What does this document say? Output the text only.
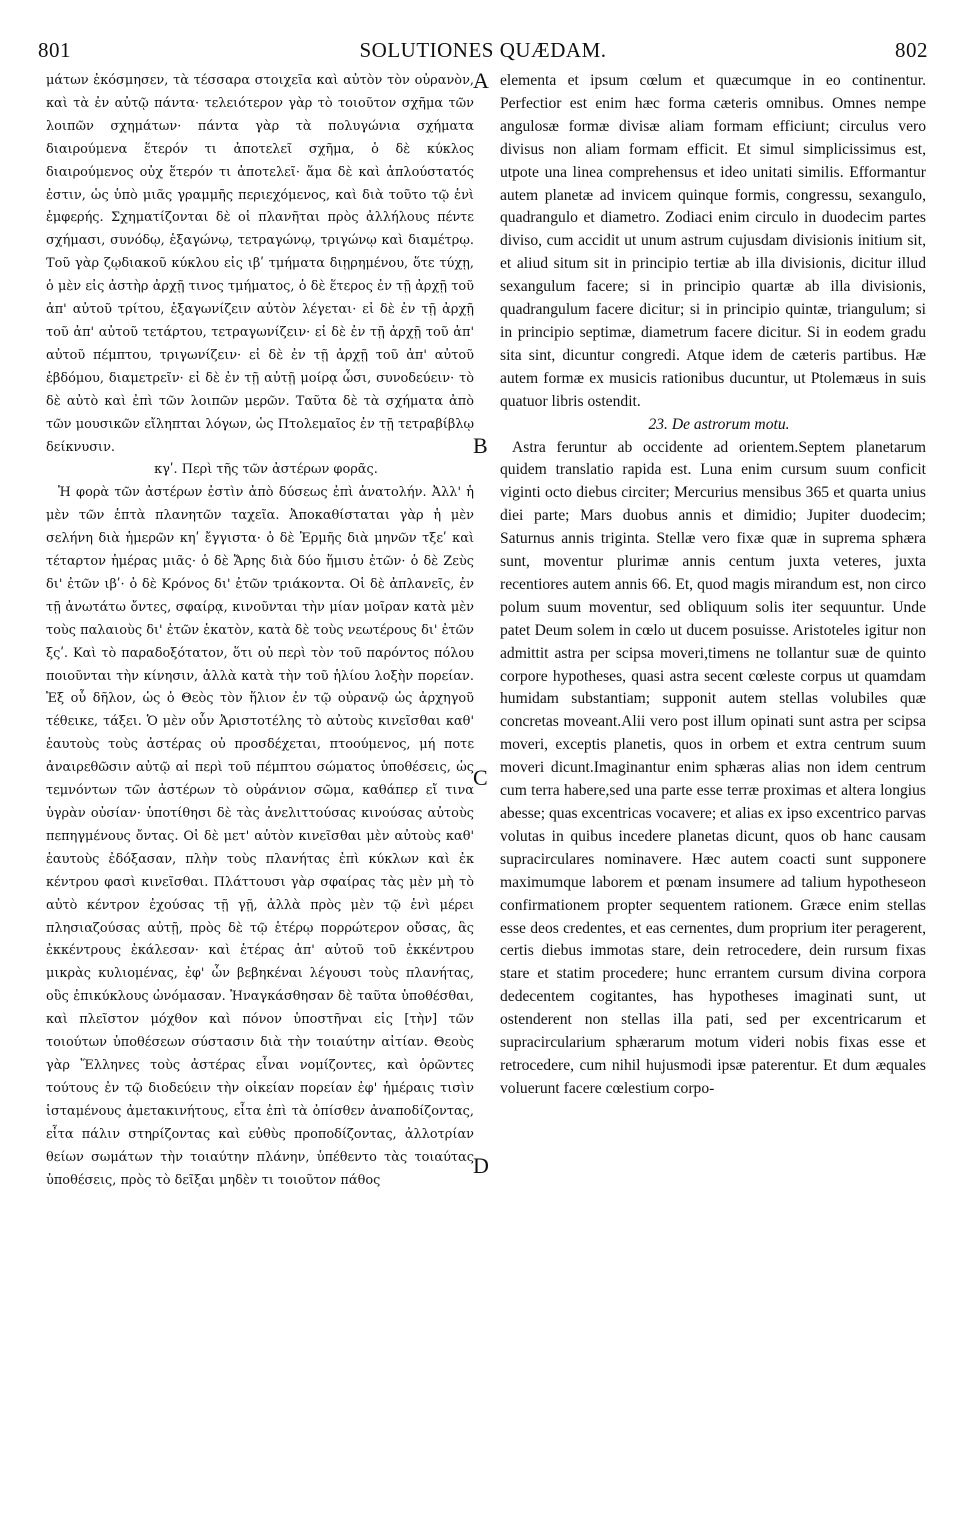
801	SOLUTIONES QUÆDAM.	802

μάτων ἐκόσμησεν, τὰ τέσσαρα στοιχεῖα καὶ αὐτὸν τὸν οὐρανὸν, καὶ τὰ ἐν αὐτῷ πάντα· τελειότερον γὰρ τὸ τοιοῦτον σχῆμα τῶν λοιπῶν σχημάτων· πάντα γὰρ τὰ πολυγώνια σχήματα διαιρούμενα ἕτερόν τι ἀποτελεῖ σχῆμα, ὁ δὲ κύκλος διαιρούμενος οὐχ ἕτερόν τι ἀποτελεῖ· ἅμα δὲ καὶ ἁπλούστατός ἐστιν, ὡς ὑπὸ μιᾶς γραμμῆς περιεχόμενος, καὶ διὰ τοῦτο τῷ ἑνὶ ἐμφερής. Σχηματίζονται δὲ οἱ πλανῆται πρὸς ἀλλήλους πέντε σχήμασι, συνόδῳ, ἑξαγώνῳ, τετραγώνῳ, τριγώνῳ καὶ διαμέτρῳ. Τοῦ γὰρ ζῳδιακοῦ κύκλου εἰς ιβʹ τμήματα διῃρημένου, ὅτε τύχῃ, ὁ μὲν εἰς ἀστὴρ ἀρχῇ τινος τμήματος, ὁ δὲ ἕτερος ἐν τῇ ἀρχῇ τοῦ ἀπ' αὐτοῦ τρίτου, ἑξαγωνίζειν αὐτὸν λέγεται· εἰ δὲ ἐν τῇ ἀρχῇ τοῦ ἀπ' αὐτοῦ τετάρτου, τετραγωνίζειν· εἰ δὲ ἐν τῇ ἀρχῇ τοῦ ἀπ' αὐτοῦ πέμπτου, τριγωνίζειν· εἰ δὲ ἐν τῇ ἀρχῇ τοῦ ἀπ' αὐτοῦ ἑβδόμου, διαμετρεῖν· εἰ δὲ ἐν τῇ αὐτῇ μοίρᾳ ὦσι, συνοδεύειν· τὸ δὲ αὐτὸ καὶ ἐπὶ τῶν λοιπῶν μερῶν. Ταῦτα δὲ τὰ σχήματα ἀπὸ τῶν μουσικῶν εἴληπται λόγων, ὡς Πτολεμαῖος ἐν τῇ τετραβίβλῳ δείκνυσιν.

κγʹ. Περὶ τῆς τῶν ἀστέρων φορᾶς.

Ἡ φορὰ τῶν ἀστέρων ἐστὶν ἀπὸ δύσεως ἐπὶ ἀνατολήν. Ἀλλ' ἡ μὲν τῶν ἑπτὰ πλανητῶν ταχεῖα. Ἀποκαθίσταται γὰρ ἡ μὲν σελήνη διὰ ἡμερῶν κηʹ ἔγγιστα· ὁ δὲ Ἑρμῆς διὰ μηνῶν τξεʹ καὶ τέταρτον ἡμέρας μιᾶς· ὁ δὲ Ἄρης διὰ δύο ἥμισυ ἐτῶν· ὁ δὲ Ζεὺς δι' ἐτῶν ιβʹ· ὁ δὲ Κρόνος δι' ἐτῶν τριάκοντα. Οἱ δὲ ἀπλανεῖς, ἐν τῇ ἀνωτάτω ὄντες, σφαίρᾳ, κινοῦνται τὴν μίαν μοῖραν κατὰ μὲν τοὺς παλαιοὺς δι' ἐτῶν ἑκατὸν, κατὰ δὲ τοὺς νεωτέρους δι' ἐτῶν ξςʹ. Καὶ τὸ παραδοξότατον, ὅτι οὐ περὶ τὸν τοῦ παρόντος πόλου ποιοῦνται τὴν κίνησιν, ἀλλὰ κατὰ τὴν τοῦ ἡλίου λοξὴν πορείαν. Ἐξ οὗ δῆλον, ὡς ὁ Θεὸς τὸν ἥλιον ἐν τῷ οὐρανῷ ὡς ἀρχηγοῦ τέθεικε, τάξει. Ὁ μὲν οὖν Ἀριστοτέλης τὸ αὐτοὺς κινεῖσθαι καθ' ἑαυτοὺς τοὺς ἀστέρας οὐ προσδέχεται, πτοούμενος, μή ποτε ἀναιρεθῶσιν αὐτῷ αἱ περὶ τοῦ πέμπτου σώματος ὑποθέσεις, ὡς τεμνόντων τῶν ἀστέρων τὸ οὐράνιον σῶμα, καθάπερ εἴ τινα ὑγρὰν οὐσίαν· ὑποτίθησι δὲ τὰς ἀνελιττούσας κινούσας αὐτοὺς πεπηγμένους ὄντας. Οἱ δὲ μετ' αὐτὸν κινεῖσθαι μὲν αὐτοὺς καθ' ἑαυτοὺς ἐδόξασαν, πλὴν τοὺς πλανήτας ἐπὶ κύκλων καὶ ἐκ κέντρου φασὶ κινεῖσθαι. Πλάττουσι γὰρ σφαίρας τὰς μὲν μὴ τὸ αὐτὸ κέντρον ἐχούσας τῇ γῇ, ἀλλὰ πρὸς μὲν τῷ ἑνὶ μέρει πλησιαζούσας αὐτῇ, πρὸς δὲ τῷ ἑτέρῳ πορρώτερον οὔσας, ἃς ἐκκέντρους ἐκάλεσαν· καὶ ἑτέρας ἀπ' αὐτοῦ τοῦ ἐκκέντρου μικρὰς κυλιομένας, ἐφ' ὧν βεβηκέναι λέγουσι τοὺς πλανήτας, οὓς ἐπικύκλους ὠνόμασαν. Ἠναγκάσθησαν δὲ ταῦτα ὑποθέσθαι, καὶ πλεῖστον μόχθον καὶ πόνον ὑποστῆναι εἰς [τὴν] τῶν τοιούτων ὑποθέσεων σύστασιν διὰ τὴν τοιαύτην αἰτίαν. Θεοὺς γὰρ Ἕλληνες τοὺς ἀστέρας εἶναι νομίζοντες, καὶ ὁρῶντες τούτους ἐν τῷ διοδεύειν τὴν οἰκείαν πορείαν ἐφ' ἡμέραις τισὶν ἱσταμένους ἀμετακινήτους, εἶτα ἐπὶ τὰ ὀπίσθεν ἀναποδίζοντας, εἶτα πάλιν στηρίζοντας καὶ εὐθὺς προποδίζοντας, ἀλλοτρίαν θείων σωμάτων τὴν τοιαύτην πλάνην, ὑπέθεντο τὰς τοιαύτας ὑποθέσεις, πρὸς τὸ δεῖξαι μηδὲν τι τοιοῦτον πάθος

elementa et ipsum cœlum et quæcumque in eo continentur. Perfectior est enim hæc forma cæteris omnibus. Omnes nempe angulosæ formæ divisæ aliam formam efficiunt; circulus vero divisus non aliam formam efficit. Et simul simplicissimus est, utpote una linea comprehensus et ideo unitati similis. Efformantur autem planetæ ad invicem quinque formis, congressu, sexangulo, quadrangulo et diametro. Zodiaci enim circulo in duodecim partes diviso, cum accidit ut unum astrum cujusdam divisionis initium sit, et aliud situm sit in principio tertiæ ab illa divisionis, dicitur illud sexangulum facere; si in principio quartæ ab illa divisionis, quadrangulum facere dicitur; si in principio quintæ, triangulum; si in principio septimæ, diametrum facere dicitur. Si in eodem gradu sita sint, dicuntur congredi. Atque idem de cæteris partibus. Hæ autem formæ ex musicis rationibus ducuntur, ut Ptolemæus in suis quatuor libris ostendit.

23. De astrorum motu.

Astra feruntur ab occidente ad orientem.Septem planetarum quidem translatio rapida est. Luna enim cursum suum conficit viginti octo diebus circiter; Mercurius mensibus 365 et quarta unius diei parte; Mars duobus annis et dimidio; Jupiter duodecim; Saturnus annis triginta. Stellæ vero fixæ quæ in suprema sphæra sunt, moventur plurimæ annis centum juxta veteres, juxta recentiores autem annis 66. Et, quod magis mirandum est, non circo polum suum moventur, sed obliquum solis iter sequuntur. Unde patet Deum solem in cœlo ut ducem posuisse. Aristoteles igitur non admittit astra per scipsa moveri,timens ne tollantur suæ de quinto corpore hypotheses, quasi astra secent cœleste corpus ut quamdam humidam substantiam; supponit autem stellas volubiles quæ concretas moveant.Alii vero post illum opinati sunt astra per scipsa moveri, exceptis planetis, quos in orbem et extra centrum suum moveri dicunt.Imaginantur enim sphæras alias non idem centrum cum terra habere,sed una parte esse terræ proximas et altera longius abesse; quas excentricas vocavere; et alias ex ipso excentrico parvas volutas in quibus incedere planetas dicunt, quos ob hanc causam supracirculares nominavere. Hæc autem coacti sunt supponere maximumque laborem et pœnam insumere ad talium hypotheseon confirmationem propter sequentem rationem. Græce enim stellas esse deos credentes, et eas cernentes, dum proprium iter peragerent, certis diebus immotas stare, dein retrocedere, dein rursum fixas stare et statim procedere; hunc errantem cursum divina corpora dedecentem cogitantes, has hypotheses imaginati sunt, ut ostenderent non stellas illa pati, sed per excentricarum et supracircularium sphærarum motum videri nobis fixas esse et retrocedere, cum nihil hujusmodi ipsæ paterentur. Et dum æquales voluerunt facere cœlestium corpo-

A
B
C
D
